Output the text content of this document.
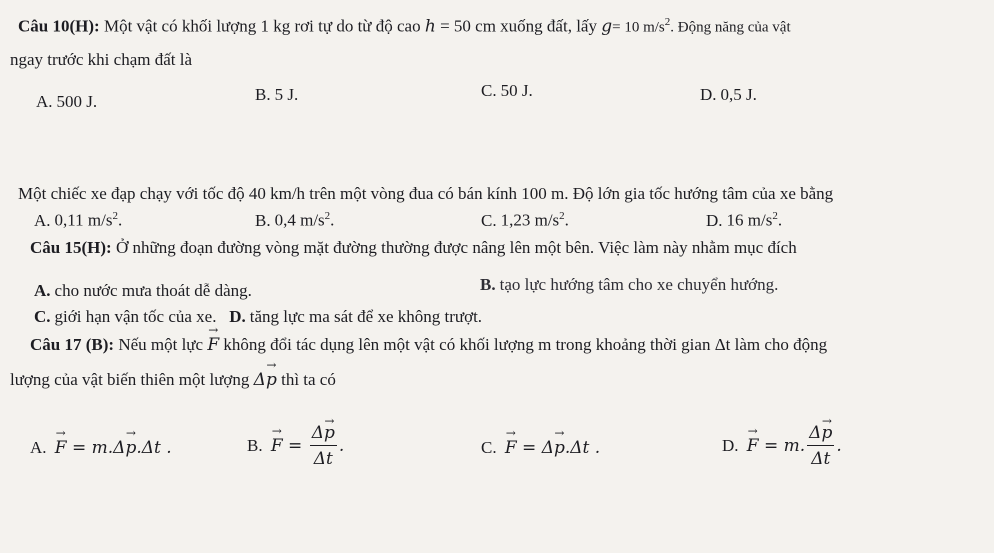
Câu 10(H): Một vật có khối lượng 1 kg rơi tự do từ độ cao h = 50 cm xuống đất, lấy g= 10 $m/s^2$. Động năng của vật
ngay trước khi chạm đất là
A. 500 J.	B. 5 J.	C. 50 J.	D. 0,5 J.
Một chiếc xe đạp chạy với tốc độ 40 km/h trên một vòng đua có bán kính 100 m. Độ lớn gia tốc hướng tâm của xe bằng
A. 0,11 $m/s^2$.	B. 0,4 $m/s^2$.	C. 1,23 $m/s^2$.	D. 16 $m/s^2$.
Câu 15(H): Ở những đoạn đường vòng mặt đường thường được nâng lên một bên. Việc làm này nhằm mục đích
A. cho nước mưa thoát dễ dàng.	B. tạo lực hướng tâm cho xe chuyển hướng.
C. giới hạn vận tốc của xe. D. tăng lực ma sát để xe không trượt.
Câu 17 (B): Nếu một lực → F không đổi tác dụng lên một vật có khối lượng m trong khoảng thời gian Δt làm cho động
lượng của vật biến thiên một lượng Δ→ p thì ta có
A. → F = m.Δ→ p.Δt .	B. → $F = \frac{\Delta\to p}{\Delta t}$ .	C. → F = Δ→ p.Δt .	D. → F = m. $\frac{\Delta\to p}{\Delta t}$ .
